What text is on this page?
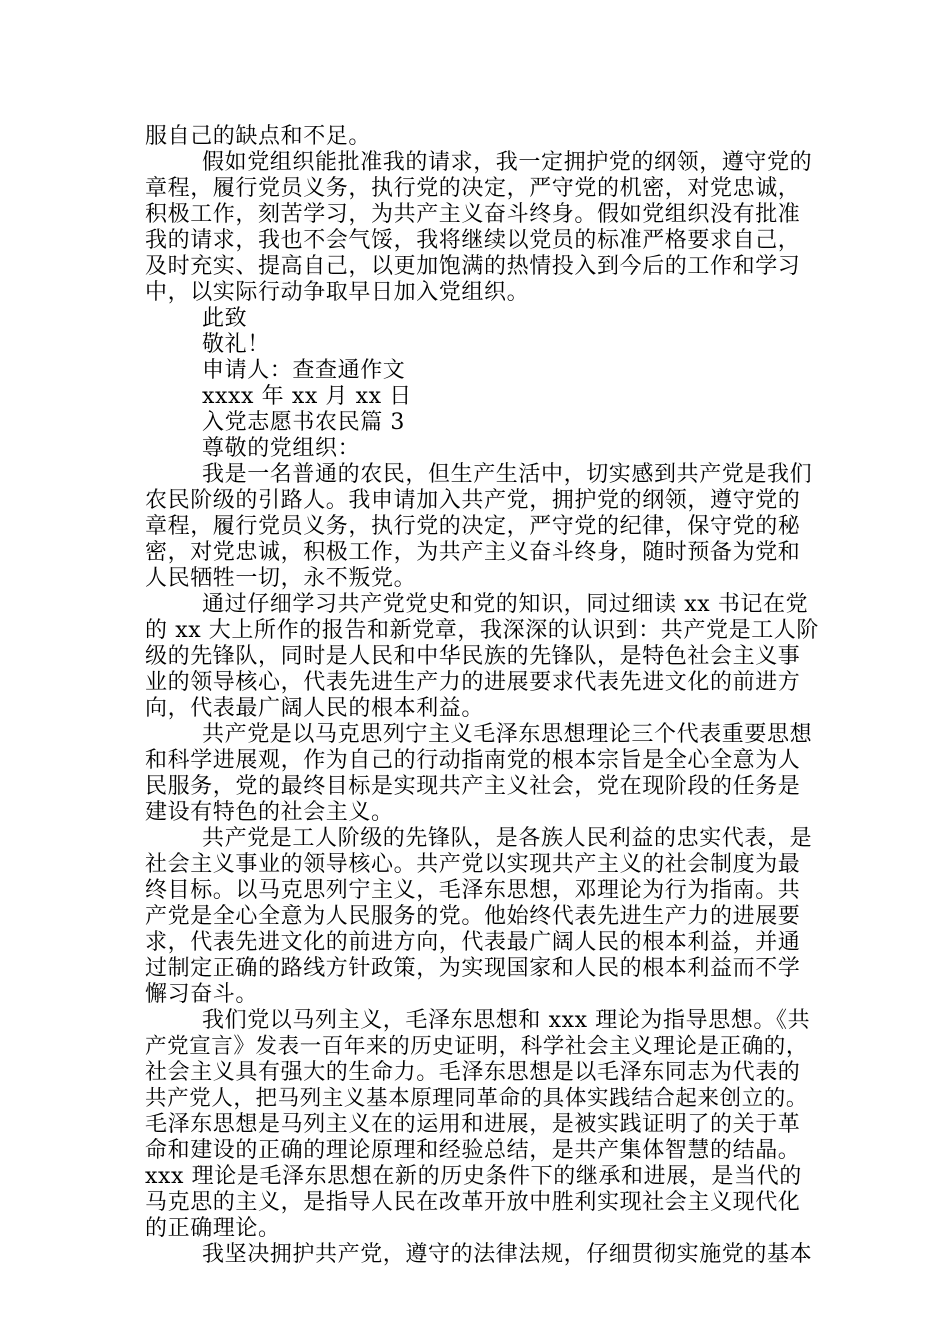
服自己的缺点和不足。
假如党组织能批准我的请求，我一定拥护党的纲领，遵守党的
章程，履行党员义务，执行党的决定，严守党的机密，对党忠诚，
积极工作，刻苦学习，为共产主义奋斗终身。假如党组织没有批准
我的请求，我也不会气馁，我将继续以党员的标准严格要求自己，
及时充实、提高自己，以更加饱满的热情投入到今后的工作和学习
中，以实际行动争取早日加入党组织。
此致
敬礼！
申请人：查查通作文
xxxx 年 xx 月 xx 日
入党志愿书农民篇 3
尊敬的党组织：
我是一名普通的农民，但生产生活中，切实感到共产党是我们
农民阶级的引路人。我申请加入共产党，拥护党的纲领，遵守党的
章程，履行党员义务，执行党的决定，严守党的纪律，保守党的秘
密，对党忠诚，积极工作，为共产主义奋斗终身，随时预备为党和
人民牺牲一切，永不叛党。
通过仔细学习共产党党史和党的知识，同过细读 xx 书记在党
的 xx 大上所作的报告和新党章，我深深的认识到：共产党是工人阶
级的先锋队，同时是人民和中华民族的先锋队，是特色社会主义事
业的领导核心，代表先进生产力的进展要求代表先进文化的前进方
向，代表最广阔人民的根本利益。
共产党是以马克思列宁主义毛泽东思想理论三个代表重要思想
和科学进展观，作为自己的行动指南党的根本宗旨是全心全意为人
民服务，党的最终目标是实现共产主义社会，党在现阶段的任务是
建设有特色的社会主义。
共产党是工人阶级的先锋队，是各族人民利益的忠实代表，是
社会主义事业的领导核心。共产党以实现共产主义的社会制度为最
终目标。以马克思列宁主义，毛泽东思想，邓理论为行为指南。共
产党是全心全意为人民服务的党。他始终代表先进生产力的进展要
求，代表先进文化的前进方向，代表最广阔人民的根本利益，并通
过制定正确的路线方针政策，为实现国家和人民的根本利益而不学
懈习奋斗。
我们党以马列主义，毛泽东思想和 xxx 理论为指导思想。《共
产党宣言》发表一百年来的历史证明，科学社会主义理论是正确的，
社会主义具有强大的生命力。毛泽东思想是以毛泽东同志为代表的
共产党人，把马列主义基本原理同革命的具体实践结合起来创立的。
毛泽东思想是马列主义在的运用和进展，是被实践证明了的关于革
命和建设的正确的理论原理和经验总结，是共产集体智慧的结晶。
xxx 理论是毛泽东思想在新的历史条件下的继承和进展，是当代的
马克思的主义，是指导人民在改革开放中胜利实现社会主义现代化
的正确理论。
我坚决拥护共产党，遵守的法律法规，仔细贯彻实施党的基本
